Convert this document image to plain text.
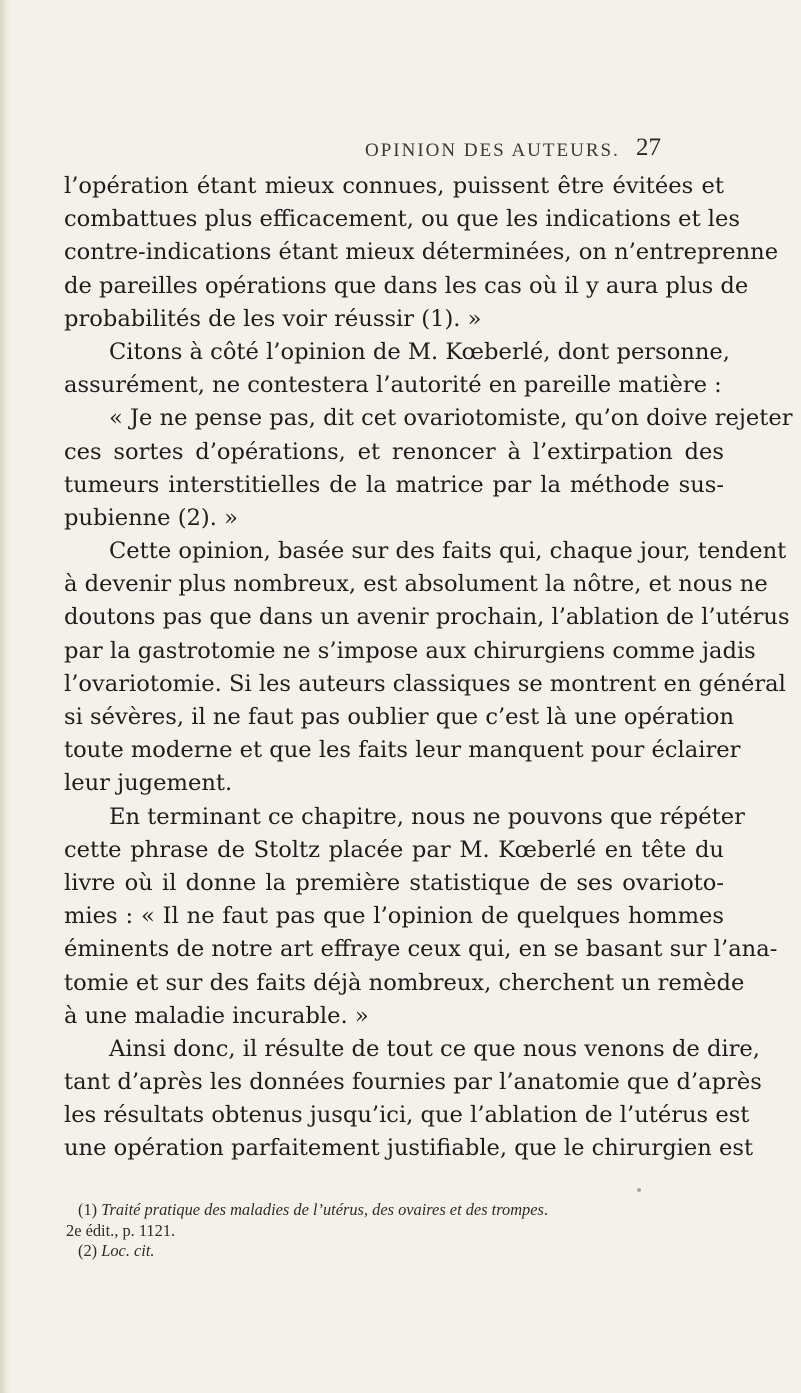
OPINION DES AUTEURS. 27
l’opération étant mieux connues, puissent être évitées et
combattues plus efficacement, ou que les indications et les
contre-indications étant mieux déterminées, on n’entreprenne
de pareilles opérations que dans les cas où il y aura plus de
probabilités de les voir réussir (1). »
Citons à côté l’opinion de M. Kœberlé, dont personne,
assurément, ne contestera l’autorité en pareille matière :
« Je ne pense pas, dit cet ovariotomiste, qu’on doive rejeter
ces sortes d’opérations, et renoncer à l’extirpation des
tumeurs interstitielles de la matrice par la méthode sus-
pubienne (2). »
Cette opinion, basée sur des faits qui, chaque jour, tendent
à devenir plus nombreux, est absolument la nôtre, et nous ne
doutons pas que dans un avenir prochain, l’ablation de l’utérus
par la gastrotomie ne s’impose aux chirurgiens comme jadis
l’ovariotomie. Si les auteurs classiques se montrent en général
si sévères, il ne faut pas oublier que c’est là une opération
toute moderne et que les faits leur manquent pour éclairer
leur jugement.
En terminant ce chapitre, nous ne pouvons que répéter
cette phrase de Stoltz placée par M. Kœberlé en tête du
livre où il donne la première statistique de ses ovarioto-
mies : « Il ne faut pas que l’opinion de quelques hommes
éminents de notre art effraye ceux qui, en se basant sur l’ana-
tomie et sur des faits déjà nombreux, cherchent un remède
à une maladie incurable. »
Ainsi donc, il résulte de tout ce que nous venons de dire,
tant d’après les données fournies par l’anatomie que d’après
les résultats obtenus jusqu’ici, que l’ablation de l’utérus est
une opération parfaitement justifiable, que le chirurgien est
(1) Traité pratique des maladies de l’utérus, des ovaires et des trompes.
2e édit., p. 1121.
(2) Loc. cit.
